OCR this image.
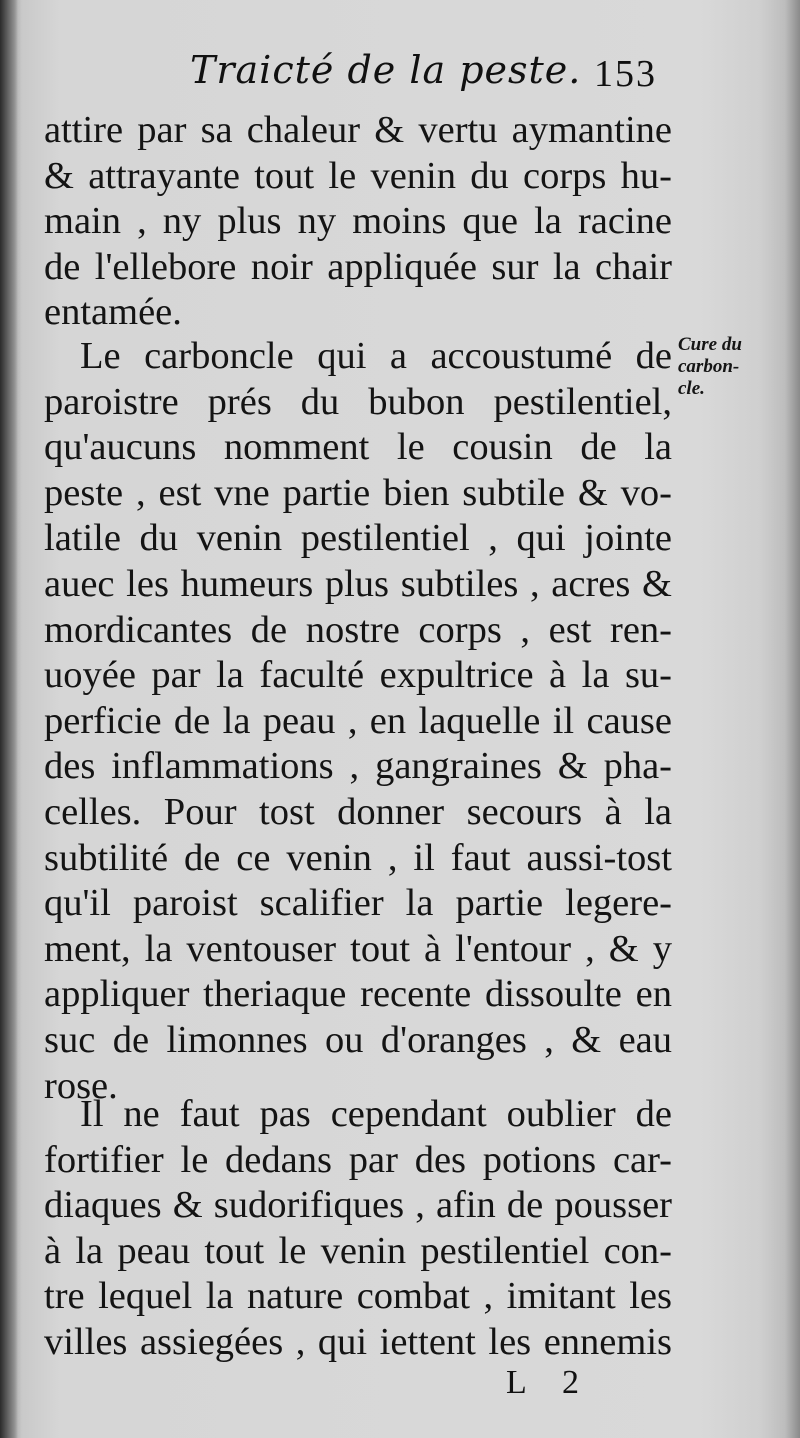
Traicté de la peste. 153
attire par sa chaleur & vertu aymantine
& attrayante tout le venin du corps hu-
main , ny plus ny moins que la racine
de l'ellebore noir appliquée sur la chair
entamée.
Le carboncle qui a accoustumé de
paroistre prés du bubon pestilentiel,
qu'aucuns nomment le cousin de la
peste , est vne partie bien subtile & vo-
latile du venin pestilentiel , qui jointe
auec les humeurs plus subtiles , acres &
mordicantes de nostre corps , est ren-
uoyée par la faculté expultrice à la su-
perficie de la peau , en laquelle il cause
des inflammations , gangraines & pha-
celles. Pour tost donner secours à la
subtilité de ce venin , il faut aussi-tost
qu'il paroist scalifier la partie legere-
ment, la ventouser tout à l'entour , & y
appliquer theriaque recente dissoulte en
suc de limonnes ou d'oranges , & eau
rose.
Il ne faut pas cependant oublier de
fortifier le dedans par des potions car-
diaques & sudorifiques , afin de pousser
à la peau tout le venin pestilentiel con-
tre lequel la nature combat , imitant les
villes assiegées , qui iettent les ennemis
Cure du
carbon-
cle.
L 2
